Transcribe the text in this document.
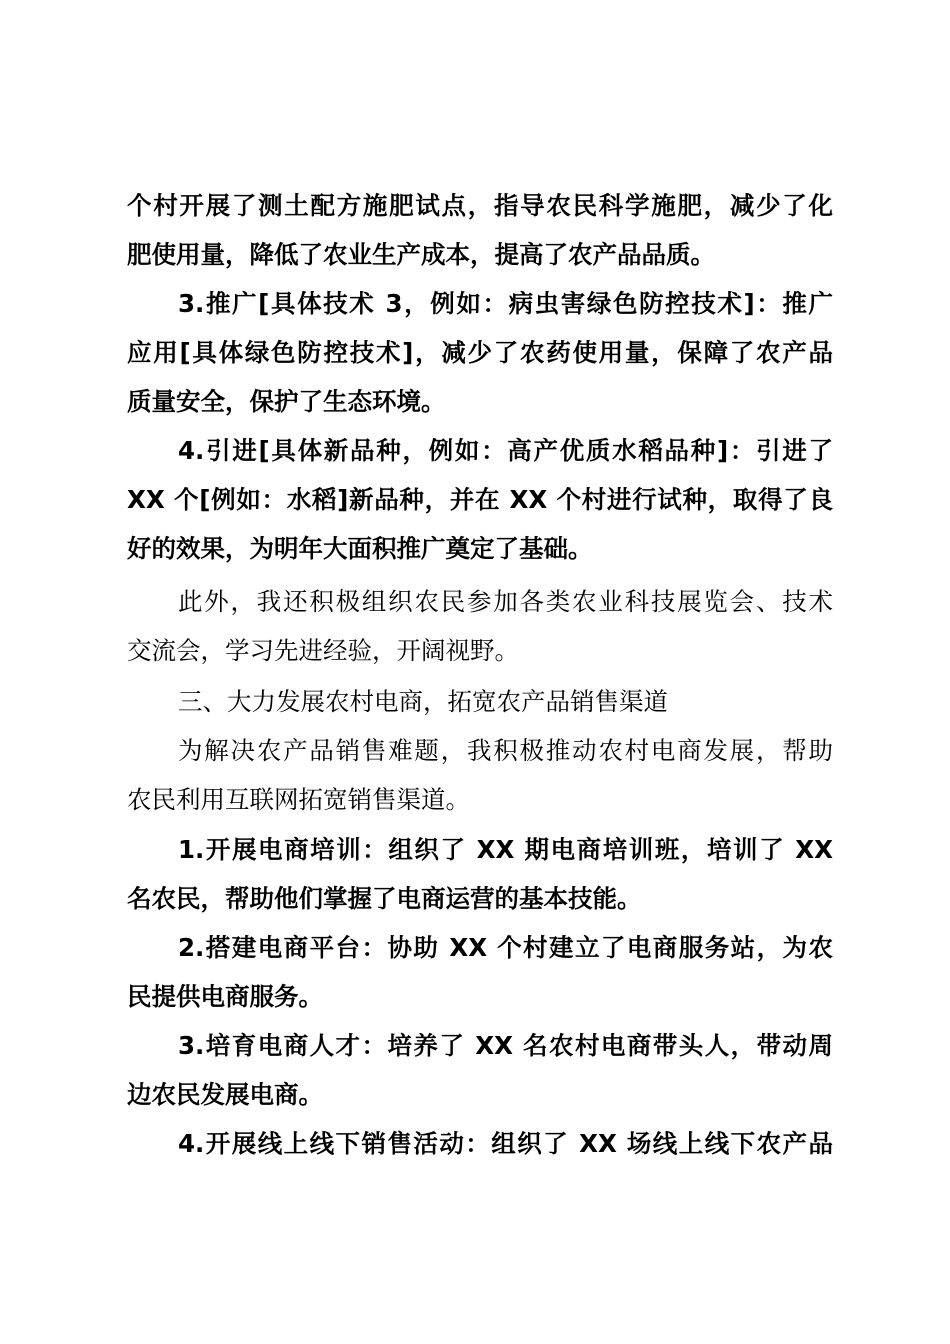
个村开展了测土配方施肥试点，指导农民科学施肥，减少了化
肥使用量，降低了农业生产成本，提高了农产品品质。
3.推广[具体技术 3，例如：病虫害绿色防控技术]：推广
应用[具体绿色防控技术]，减少了农药使用量，保障了农产品
质量安全，保护了生态环境。
4.引进[具体新品种，例如：高产优质水稻品种]：引进了
XX 个[例如：水稻]新品种，并在 XX 个村进行试种，取得了良
好的效果，为明年大面积推广奠定了基础。
此外，我还积极组织农民参加各类农业科技展览会、技术
交流会，学习先进经验，开阔视野。
三、大力发展农村电商，拓宽农产品销售渠道
为解决农产品销售难题，我积极推动农村电商发展，帮助
农民利用互联网拓宽销售渠道。
1.开展电商培训：组织了 XX 期电商培训班，培训了 XX
名农民，帮助他们掌握了电商运营的基本技能。
2.搭建电商平台：协助 XX 个村建立了电商服务站，为农
民提供电商服务。
3.培育电商人才：培养了 XX 名农村电商带头人，带动周
边农民发展电商。
4.开展线上线下销售活动：组织了 XX 场线上线下农产品
